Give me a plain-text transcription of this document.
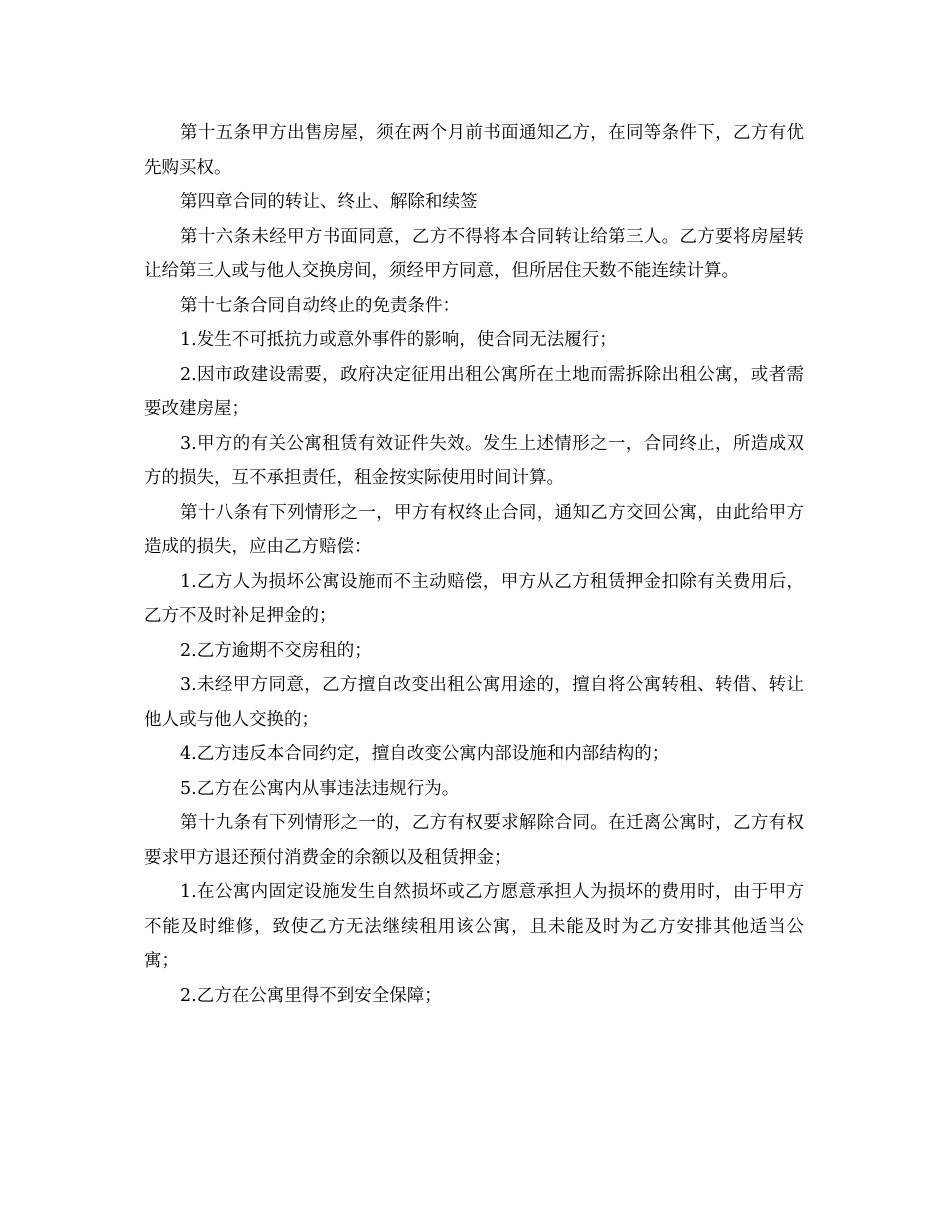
第十五条甲方出售房屋，须在两个月前书面通知乙方，在同等条件下，乙方有优先购买权。

第四章合同的转让、终止、解除和续签

第十六条未经甲方书面同意，乙方不得将本合同转让给第三人。乙方要将房屋转让给第三人或与他人交换房间，须经甲方同意，但所居住天数不能连续计算。

第十七条合同自动终止的免责条件：

1.发生不可抵抗力或意外事件的影响，使合同无法履行；

2.因市政建设需要，政府决定征用出租公寓所在土地而需拆除出租公寓，或者需要改建房屋；

3.甲方的有关公寓租赁有效证件失效。发生上述情形之一，合同终止，所造成双方的损失，互不承担责任，租金按实际使用时间计算。

第十八条有下列情形之一，甲方有权终止合同，通知乙方交回公寓，由此给甲方造成的损失，应由乙方赔偿：

1.乙方人为损坏公寓设施而不主动赔偿，甲方从乙方租赁押金扣除有关费用后，乙方不及时补足押金的；

2.乙方逾期不交房租的；

3.未经甲方同意，乙方擅自改变出租公寓用途的，擅自将公寓转租、转借、转让他人或与他人交换的；

4.乙方违反本合同约定，擅自改变公寓内部设施和内部结构的；

5.乙方在公寓内从事违法违规行为。

第十九条有下列情形之一的，乙方有权要求解除合同。在迁离公寓时，乙方有权要求甲方退还预付消费金的余额以及租赁押金；

1.在公寓内固定设施发生自然损坏或乙方愿意承担人为损坏的费用时，由于甲方不能及时维修，致使乙方无法继续租用该公寓，且未能及时为乙方安排其他适当公寓；

2.乙方在公寓里得不到安全保障；
